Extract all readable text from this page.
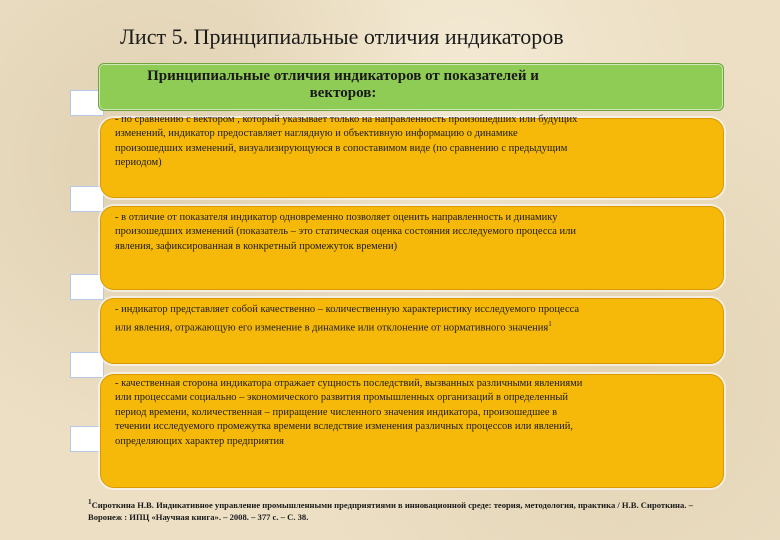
Лист 5. Принципиальные отличия индикаторов
Принципиальные отличия индикаторов от показателей и векторов:

- по сравнению с вектором , который указывает только на направленность произошедших или будущих изменений, индикатор предоставляет наглядную и объективную информацию о динамике произошедших изменений, визуализирующуюся в сопоставимом виде (по сравнению с предыдущим периодом)

- в отличие от показателя индикатор одновременно позволяет оценить направленность и динамику произошедших изменений (показатель – это статическая оценка состояния исследуемого процесса или явления, зафиксированная в конкретный промежуток времени)

- индикатор представляет собой качественно – количественную характеристику исследуемого процесса или явления, отражающую его изменение в динамике или отклонение от нормативного значения$^1$

- качественная сторона индикатора отражает сущность последствий, вызванных различными явлениями или процессами социально – экономического развития промышленных организаций в определенный период времени, количественная – приращение численного значения индикатора, произошедшее в течении исследуемого промежутка времени вследствие изменения различных процессов или явлений, определяющих характер предприятия

$^1$Сироткина Н.В. Индикативное управление промышленными предприятиями в инновационной среде: теория, методология, практика / Н.В. Сироткина. – Воронеж : ИПЦ «Научная книга». – 2008. – 377 с. – С. 38.
